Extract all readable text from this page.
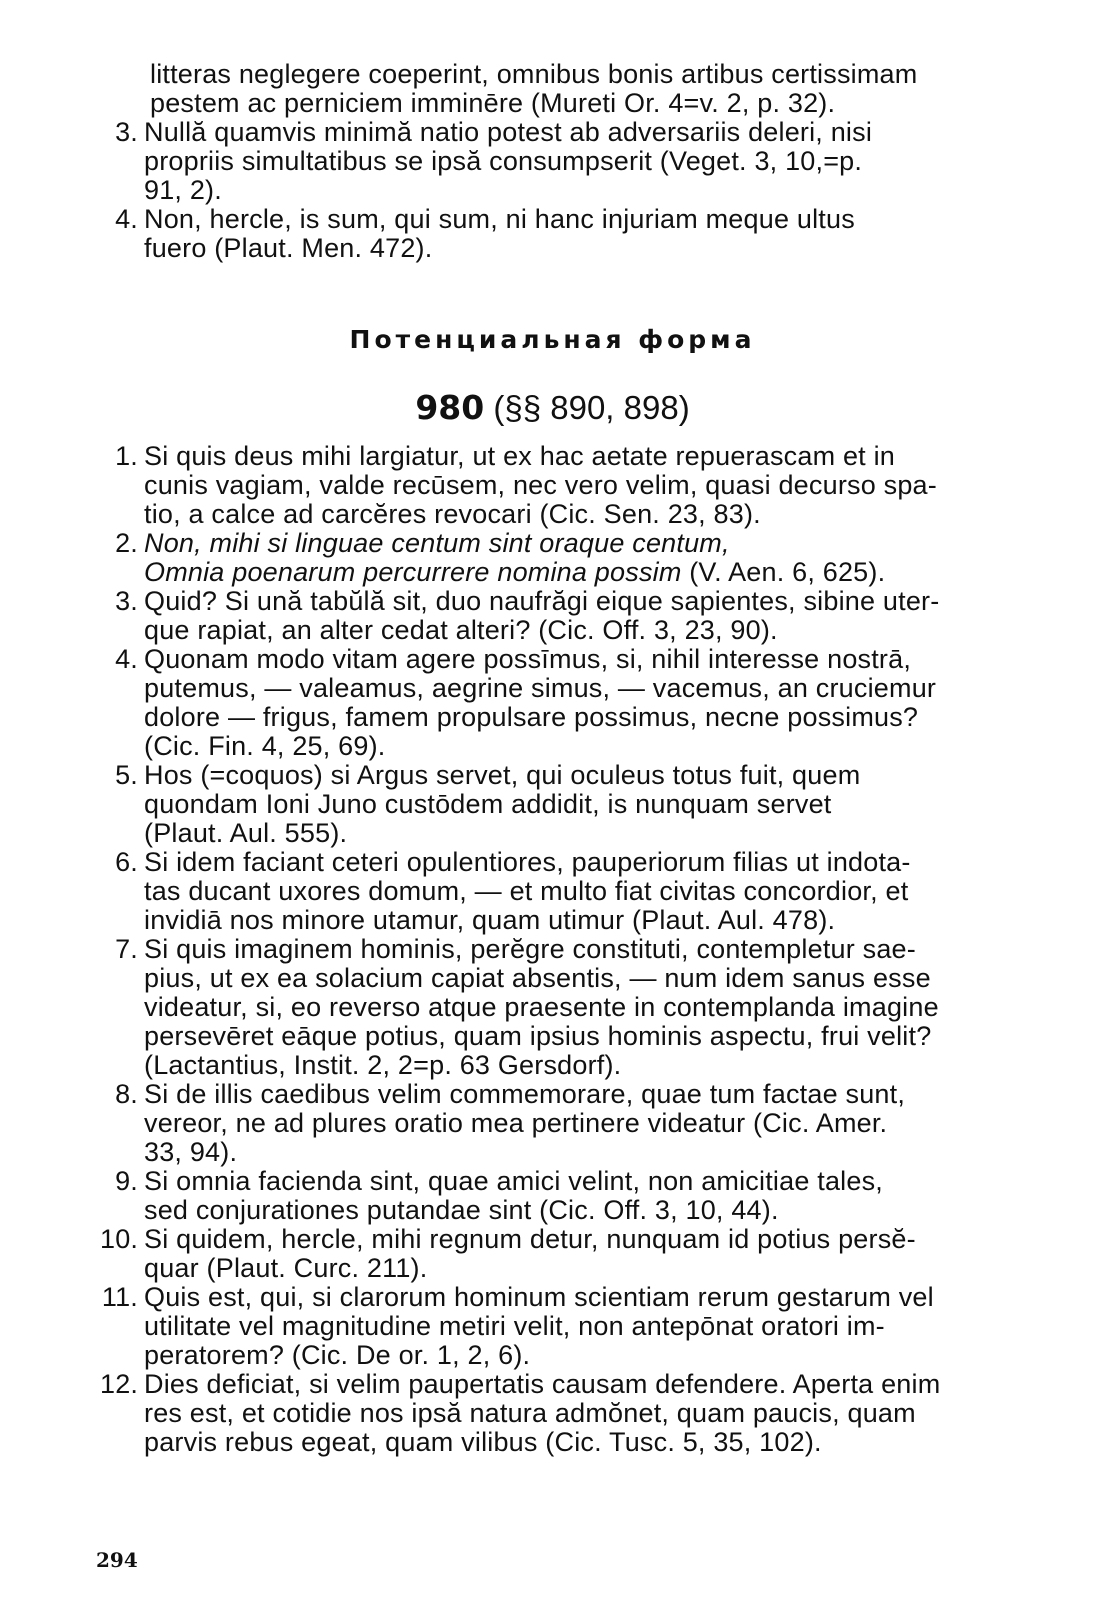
litteras neglegere coeperint, omnibus bonis artibus certissimam
pestem ac perniciem imminēre (Mureti Or. 4=v. 2, p. 32).
3. Nullă quamvis minimă natio potest ab adversariis deleri, nisi
propriis simultatibus se ipsă consumpserit (Veget. 3, 10,=p.
91, 2).
4. Non, hercle, is sum, qui sum, ni hanc injuriam meque ultus
fuero (Plaut. Men. 472).
Потенциальная форма
980 (§§ 890, 898)
1. Si quis deus mihi largiatur, ut ex hac aetate repuerascam et in
cunis vagiam, valde recūsem, nec vero velim, quasi decurso spa-
tio, a calce ad carcĕres revocari (Cic. Sen. 23, 83).
2. Non, mihi si linguae centum sint oraque centum,
Omnia poenarum percurrere nomina possim (V. Aen. 6, 625).
3. Quid? Si ună tabŭlă sit, duo naufrăgi eique sapientes, sibine uter-
que rapiat, an alter cedat alteri? (Cic. Off. 3, 23, 90).
4. Quonam modo vitam agere possīmus, si, nihil interesse nostrā,
putemus, — valeamus, aegrine simus, — vacemus, an cruciemur
dolore — frigus, famem propulsare possimus, necne possimus?
(Cic. Fin. 4, 25, 69).
5. Hos (=coquos) si Argus servet, qui oculeus totus fuit, quem
quondam Ioni Juno custōdem addidit, is nunquam servet
(Plaut. Aul. 555).
6. Si idem faciant ceteri opulentiores, pauperiorum filias ut indota-
tas ducant uxores domum, — et multo fiat civitas concordior, et
invidiā nos minore utamur, quam utimur (Plaut. Aul. 478).
7. Si quis imaginem hominis, perĕgre constituti, contempletur sae-
pius, ut ex ea solacium capiat absentis, — num idem sanus esse
videatur, si, eo reverso atque praesente in contemplanda imagine
persevēret eāque potius, quam ipsius hominis aspectu, frui velit?
(Lactantius, Instit. 2, 2=p. 63 Gersdorf).
8. Si de illis caedibus velim commemorare, quae tum factae sunt,
vereor, ne ad plures oratio mea pertinere videatur (Cic. Amer.
33, 94).
9. Si omnia facienda sint, quae amici velint, non amicitiae tales,
sed conjurationes putandae sint (Cic. Off. 3, 10, 44).
10. Si quidem, hercle, mihi regnum detur, nunquam id potius persĕ-
quar (Plaut. Curc. 211).
11. Quis est, qui, si clarorum hominum scientiam rerum gestarum vel
utilitate vel magnitudine metiri velit, non antepōnat oratori im-
peratorem? (Cic. De or. 1, 2, 6).
12. Dies deficiat, si velim paupertatis causam defendere. Aperta enim
res est, et cotidie nos ipsă natura admŏnet, quam paucis, quam
parvis rebus egeat, quam vilibus (Cic. Tusc. 5, 35, 102).
294
